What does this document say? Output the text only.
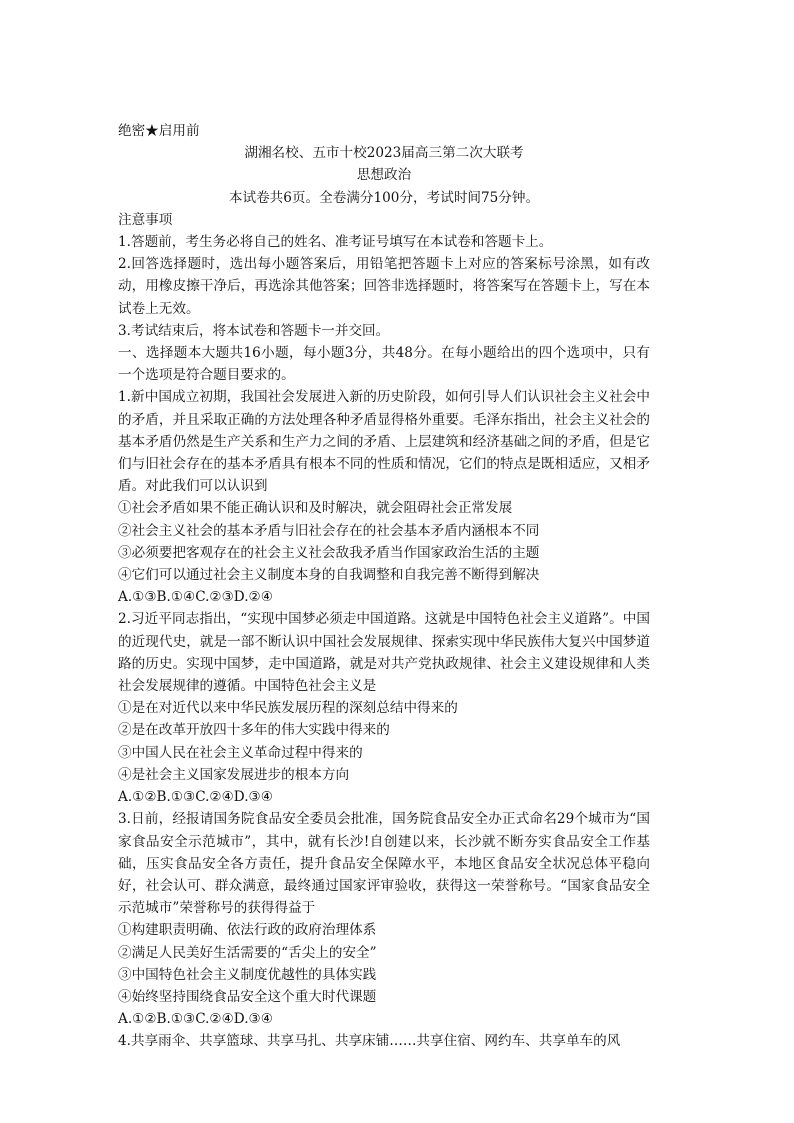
绝密★启用前
湖湘名校、五市十校2023届高三第二次大联考
思想政治
本试卷共6页。全卷满分100分，考试时间75分钟。
注意事项

1.答题前，考生务必将自己的姓名、准考证号填写在本试卷和答题卡上。

2.回答选择题时，选出每小题答案后，用铅笔把答题卡上对应的答案标号涂黑，如有改动，用橡皮擦干净后，再选涂其他答案；回答非选择题时，将答案写在答题卡上，写在本试卷上无效。

3.考试结束后，将本试卷和答题卡一并交回。

一、选择题本大题共16小题，每小题3分，共48分。在每小题给出的四个选项中，只有一个选项是符合题目要求的。

1.新中国成立初期，我国社会发展进入新的历史阶段，如何引导人们认识社会主义社会中的矛盾，并且采取正确的方法处理各种矛盾显得格外重要。毛泽东指出，社会主义社会的基本矛盾仍然是生产关系和生产力之间的矛盾、上层建筑和经济基础之间的矛盾，但是它们与旧社会存在的基本矛盾具有根本不同的性质和情况，它们的特点是既相适应，又相矛盾。对此我们可以认识到

①社会矛盾如果不能正确认识和及时解决，就会阻碍社会正常发展
②社会主义社会的基本矛盾与旧社会存在的社会基本矛盾内涵根本不同
③必须要把客观存在的社会主义社会敌我矛盾当作国家政治生活的主题
④它们可以通过社会主义制度本身的自我调整和自我完善不断得到解决
A.①③B.①④C.②③D.②④

2.习近平同志指出，“实现中国梦必须走中国道路。这就是中国特色社会主义道路”。中国的近现代史，就是一部不断认识中国社会发展规律、探索实现中华民族伟大复兴中国梦道路的历史。实现中国梦，走中国道路，就是对共产党执政规律、社会主义建设规律和人类社会发展规律的遵循。中国特色社会主义是

①是在对近代以来中华民族发展历程的深刻总结中得来的
②是在改革开放四十多年的伟大实践中得来的
③中国人民在社会主义革命过程中得来的
④是社会主义国家发展进步的根本方向
A.①②B.①③C.②④D.③④

3.日前，经报请国务院食品安全委员会批准，国务院食品安全办正式命名29个城市为“国家食品安全示范城市”，其中，就有长沙!自创建以来，长沙就不断夯实食品安全工作基础，压实食品安全各方责任，提升食品安全保障水平，本地区食品安全状况总体平稳向好，社会认可、群众满意，最终通过国家评审验收，获得这一荣誉称号。“国家食品安全示范城市”荣誉称号的获得得益于

①构建职责明确、依法行政的政府治理体系
②满足人民美好生活需要的“舌尖上的安全”
③中国特色社会主义制度优越性的具体实践
④始终坚持围绕食品安全这个重大时代课题
A.①②B.①③C.②④D.③④
4.共享雨伞、共享篮球、共享马扎、共享床铺……共享住宿、网约车、共享单车的风
